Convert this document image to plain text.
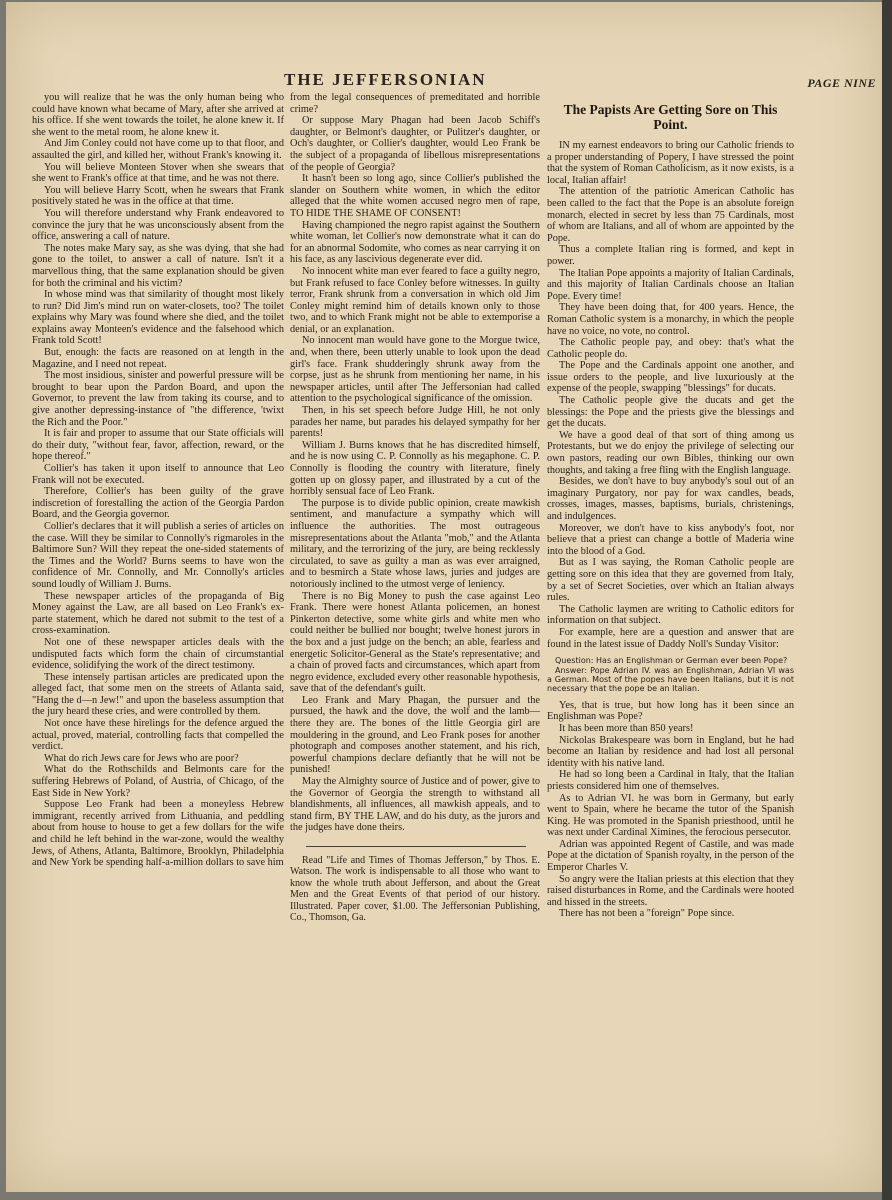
THE JEFFERSONIAN	PAGE NINE

you will realize that he was the only human being who could have known what became of Mary, after she arrived at his office. If she went towards the toilet, he alone knew it. If she went to the metal room, he alone knew it.

And Jim Conley could not have come up to that floor, and assaulted the girl, and killed her, without Frank's knowing it.

You will believe Monteen Stover when she swears that she went to Frank's office at that time, and he was not there.

You will believe Harry Scott, when he swears that Frank positively stated he was in the office at that time.

You will therefore understand why Frank endeavored to convince the jury that he was unconsciously absent from the office, answering a call of nature.

The notes make Mary say, as she was dying, that she had gone to the toilet, to answer a call of nature. Isn't it a marvellous thing, that the same explanation should be given for both the criminal and his victim?

In whose mind was that similarity of thought most likely to run? Did Jim's mind run on water-closets, too? The toilet explains why Mary was found where she died, and the toilet explains away Monteen's evidence and the falsehood which Frank told Scott!

But, enough: the facts are reasoned on at length in the Magazine, and I need not repeat.

The most insidious, sinister and powerful pressure will be brought to bear upon the Pardon Board, and upon the Governor, to prevent the law from taking its course, and to give another depressing-instance of "the difference, 'twixt the Rich and the Poor."

It is fair and proper to assume that our State officials will do their duty, "without fear, favor, affection, reward, or the hope thereof."

Collier's has taken it upon itself to announce that Leo Frank will not be executed.

Therefore, Collier's has been guilty of the grave indiscretion of forestalling the action of the Georgia Pardon Board, and the Georgia governor.

Collier's declares that it will publish a series of articles on the case. Will they be similar to Connolly's rigmaroles in the Baltimore Sun? Will they repeat the one-sided statements of the Times and the World? Burns seems to have won the confidence of Mr. Connolly, and Mr. Connolly's articles sound loudly of William J. Burns.

These newspaper articles of the propaganda of Big Money against the Law, are all based on Leo Frank's ex-parte statement, which he dared not submit to the test of a cross-examination.

Not one of these newspaper articles deals with the undisputed facts which form the chain of circumstantial evidence, solidifying the work of the direct testimony.

These intensely partisan articles are predicated upon the alleged fact, that some men on the streets of Atlanta said, "Hang the d—n Jew!" and upon the baseless assumption that the jury heard these cries, and were controlled by them.

Not once have these hirelings for the defence argued the actual, proved, material, controlling facts that compelled the verdict.

What do rich Jews care for Jews who are poor?

What do the Rothschilds and Belmonts care for the suffering Hebrews of Poland, of Austria, of Chicago, of the East Side in New York?

Suppose Leo Frank had been a moneyless Hebrew immigrant, recently arrived from Lithuania, and peddling about from house to house to get a few dollars for the wife and child he left behind in the war-zone, would the wealthy Jews, of Athens, Atlanta, Baltimore, Brooklyn, Philadelphia and New York be spending half-a-million dollars to save him

from the legal consequences of premeditated and horrible crime?

Or suppose Mary Phagan had been Jacob Schiff's daughter, or Belmont's daughter, or Pulitzer's daughter, or Och's daughter, or Collier's daughter, would Leo Frank be the subject of a propaganda of libellous misrepresentations of the people of Georgia?

It hasn't been so long ago, since Collier's published the slander on Southern white women, in which the editor alleged that the white women accused negro men of rape, TO HIDE THE SHAME OF CONSENT!

Having championed the negro rapist against the Southern white woman, let Collier's now demonstrate what it can do for an abnormal Sodomite, who comes as near carrying it on his face, as any lascivious degenerate ever did.

No innocent white man ever feared to face a guilty negro, but Frank refused to face Conley before witnesses. In guilty terror, Frank shrunk from a conversation in which old Jim Conley might remind him of details known only to those two, and to which Frank might not be able to extemporise a denial, or an explanation.

No innocent man would have gone to the Morgue twice, and, when there, been utterly unable to look upon the dead girl's face. Frank shudderingly shrunk away from the corpse, just as he shrunk from mentioning her name, in his newspaper articles, until after The Jeffersonian had called attention to the psychological significance of the omission.

Then, in his set speech before Judge Hill, he not only parades her name, but parades his delayed sympathy for her parents!

William J. Burns knows that he has discredited himself, and he is now using C. P. Connolly as his megaphone. C. P. Connolly is flooding the country with literature, finely gotten up on glossy paper, and illustrated by a cut of the horribly sensual face of Leo Frank.

The purpose is to divide public opinion, create mawkish sentiment, and manufacture a sympathy which will influence the authorities. The most outrageous misrepresentations about the Atlanta "mob," and the Atlanta military, and the terrorizing of the jury, are being recklessly circulated, to save as guilty a man as was ever arraigned, and to besmirch a State whose laws, juries and judges are notoriously inclined to the utmost verge of leniency.

There is no Big Money to push the case against Leo Frank. There were honest Atlanta policemen, an honest Pinkerton detective, some white girls and white men who could neither be bullied nor bought; twelve honest jurors in the box and a just judge on the bench; an able, fearless and energetic Solicitor-General as the State's representative; and a chain of proved facts and circumstances, which apart from negro evidence, excluded every other reasonable hypothesis, save that of the defendant's guilt.

Leo Frank and Mary Phagan, the pursuer and the pursued, the hawk and the dove, the wolf and the lamb—there they are. The bones of the little Georgia girl are mouldering in the ground, and Leo Frank poses for another photograph and composes another statement, and his rich, powerful champions declare defiantly that he will not be punished!

May the Almighty source of Justice and of power, give to the Governor of Georgia the strength to withstand all blandishments, all influences, all mawkish appeals, and to stand firm, BY THE LAW, and do his duty, as the jurors and the judges have done theirs.

Read "Life and Times of Thomas Jefferson," by Thos. E. Watson. The work is indispensable to all those who want to know the whole truth about Jefferson, and about the Great Men and the Great Events of that period of our history. Illustrated. Paper cover, $1.00. The Jeffersonian Publishing, Co., Thomson, Ga.

The Papists Are Getting Sore on This Point.

IN my earnest endeavors to bring our Catholic friends to a proper understanding of Popery, I have stressed the point that the system of Roman Catholicism, as it now exists, is a local, Italian affair!

The attention of the patriotic American Catholic has been called to the fact that the Pope is an absolute foreign monarch, elected in secret by less than 75 Cardinals, most of whom are Italians, and all of whom are appointed by the Pope.

Thus a complete Italian ring is formed, and kept in power.

The Italian Pope appoints a majority of Italian Cardinals, and this majority of Italian Cardinals choose an Italian Pope. Every time!

They have been doing that, for 400 years. Hence, the Roman Catholic system is a monarchy, in which the people have no voice, no vote, no control.

The Catholic people pay, and obey: that's what the Catholic people do.

The Pope and the Cardinals appoint one another, and issue orders to the people, and live luxuriously at the expense of the people, swapping "blessings" for ducats.

The Catholic people give the ducats and get the blessings: the Pope and the priests give the blessings and get the ducats.

We have a good deal of that sort of thing among us Protestants, but we do enjoy the privilege of selecting our own pastors, reading our own Bibles, thinking our own thoughts, and taking a free fling with the English language.

Besides, we don't have to buy anybody's soul out of an imaginary Purgatory, nor pay for wax candles, beads, crosses, images, masses, baptisms, burials, christenings, and indulgences.

Moreover, we don't have to kiss anybody's foot, nor believe that a priest can change a bottle of Maderia wine into the blood of a God.

But as I was saying, the Roman Catholic people are getting sore on this idea that they are governed from Italy, by a set of Secret Societies, over which an Italian always rules.

The Catholic laymen are writing to Catholic editors for information on that subject.

For example, here are a question and answer that are found in the latest issue of Daddy Noll's Sunday Visitor:

Question: Has an Englishman or German ever been Pope?

Answer: Pope Adrian IV. was an Englishman, Adrian VI was a German. Most of the popes have been Italians, but it is not necessary that the pope be an Italian.

Yes, that is true, but how long has it been since an Englishman was Pope?

It has been more than 850 years!

Nickolas Brakespeare was born in England, but he had become an Italian by residence and had lost all personal identity with his native land.

He had so long been a Cardinal in Italy, that the Italian priests considered him one of themselves.

As to Adrian VI. he was born in Germany, but early went to Spain, where he became the tutor of the Spanish King. He was promoted in the Spanish priesthood, until he was next under Cardinal Ximines, the ferocious persecutor.

Adrian was appointed Regent of Castile, and was made Pope at the dictation of Spanish royalty, in the person of the Emperor Charles V.

So angry were the Italian priests at this election that they raised disturbances in Rome, and the Cardinals were hooted and hissed in the streets.

There has not been a "foreign" Pope since.
